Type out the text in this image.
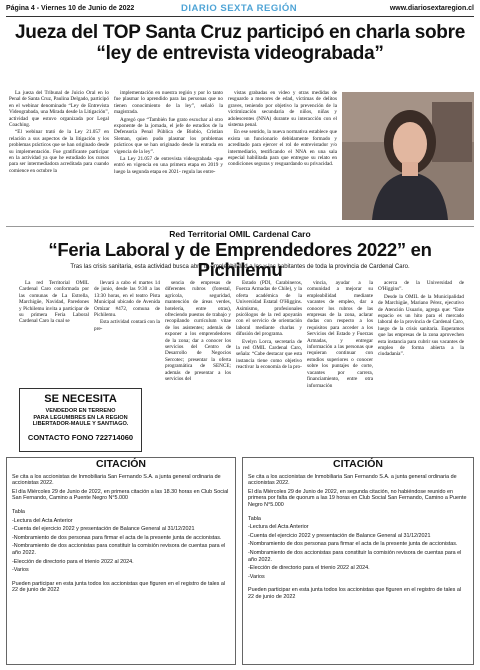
Página 4 - Viernes 10 de Junio de 2022	DIARIO SEXTA REGIÓN	www.diariosextaregion.cl
Jueza del TOP Santa Cruz participó en charla sobre “ley de entrevista videograbada”

La jueza del Tribunal de Juicio Oral en lo Penal de Santa Cruz, Paulina Delgado, participó en el webinar denominado “Ley de Entrevista Videograbada, una Mirada desde la Litigación”, actividad que estuvo organizada por Legal Coaching.

“El webinar trató de la Ley 21.057 en relación a sus aspectos de la litigación y los problemas prácticos que se han originado desde su implementación. Fue gratificante participar en la actividad ya que he estudiado los cursos para ser intermediadora acreditada para cuando comience en octubre la

implementación en nuestra región y por lo tanto fue plasmar lo aprendido para las personas que no tienen conocimiento de la ley”, señaló la magistrada.

Agregó que “También fue grato escuchar al otro exponente de la jornada, el jefe de estudios de la Defensoría Penal Pública de Biobío, Cristian Sleman, quien pudo plasmar los problemas prácticos que se han originado desde la entrada en vigencia de la ley”.

La Ley 21.057 de entrevista videograbada -que entró en vigencia en una primera etapa en 2019 y luego la segunda etapa en 2021- regula las entre-

vistas grabadas en video y otras medidas de resguardo a menores de edad, víctimas de delitos graves, teniendo por objetivo la prevención de la victimización secundaria de niños, niñas y adolescentes (NNA) durante su interacción con el sistema penal.

En ese sentido, la nueva normativa establece que exista un funcionario debidamente formado y acreditado para ejercer el rol de entrevistador y/o intermediario, testificando el NNA en una sala especial habilitada para que entregue su relato en condiciones seguras y resguardando su privacidad.

Red Territorial OMIL Cardenal Caro
“Feria Laboral y de Emprendedores 2022” en Pichilemu
Tras las crisis sanitaria, esta actividad busca abrir la empleabilidad a los y las habitantes de toda la provincia de Cardenal Caro.

La red Territorial OMIL Cardenal Caro conformada por las comunas de La Estrella, Marchigüe, Navidad, Paredones y Pichilemu invita a participar de su primera Feria Laboral Cardenal Caro la cual se

llevará a cabo el martes 14 de junio, desde las 9:30 a las 13:30 horas, en el teatro Pista Municipal ubicado de Avenida Ortúzar #472, comuna de Pichilemu.

Esta actividad contará con la pre-

sencia de empresas de diferentes rubros (forestal, agrícola, seguridad, mantención de áreas verdes, hotelería, entre otras), ofreciendo puestos de trabajo y recopilando currículum vitae de los asistentes; además de exponer a los emprendedores de la zona; dar a conocer los servicios del Centro de Desarrollo de Negocios Sercotec; presentar la oferta programática de SENCE; además de presentar a los servicios del

Estado (PDI, Carabineros, Fuerza Armadas de Chile), y la oferta académica de la Universidad Estatal O'Higgins. Asimismo, profesionales psicólogos de la red apoyarán con el servicio de orientación laboral mediante charlas y difusión del programa.

Evelyn Lorca, secretaria de la red OMIL Cardenal Caro, señala: “Cabe destacar que esta instancia tiene como objetivo reactivar la economía de la pro-

vincia, ayudar a la comunidad a mejorar su empleabilidad mediante vacantes de empleo, dar a conocer los rubros de las empresas de la zona, aclarar dudas con respecto a los requisitos para acceder a los Servicios del Estado y Fuerzas Armadas, y entregar información a las personas que requieran continuar con estudios superiores o conocer sobre los puntajes de corte, vacantes por carrera, financiamiento, entre otra información

acerca de la Universidad de O'Higgins”.

Desde la OMIL de la Municipalidad de Marchigüe, Mariano Pérez, ejecutivo de Atención Usuario, agrega que: “Este espacio es un hito para el mercado laboral de la provincia de Cardenal Caro, luego de la crisis sanitaria. Esperamos que las empresas de la zona aprovechen esta instancia para cubrir sus vacantes de empleo de forma abierta a la ciudadanía”.

SE NECESITA
VENDEDOR EN TERRENO
PARA LEGUMBRES EN LA REGION
LIBERTADOR-MAULE Y SANTIAGO.
CONTACTO FONO 722714060
CITACIÓN

Se cita a los accionistas de Inmobiliaria San Fernando S.A. a junta general ordinaria de accionistas 2022.

El día Miércoles 29 de Junio de 2022, en primera citación a las 18.30 horas en Club Social San Fernando, Camino a Puente Negro N°5.000

Tabla

-Lectura del Acta Anterior

-Cuenta del ejercicio 2022 y presentación de Balance General al 31/12/2021

-Nombramiento de dos personas para firmar el acta de la presente junta de accionistas.

-Nombramiento de dos accionistas para constituir la comisión revisora de cuentas para el año 2022.

-Elección de directorio para el trienio 2022 al 2024.

-Varios

Pueden participar en esta junta todos los accionistas que figuren en el registro de tales al 22 de junio de 2022

CITACIÓN

Se cita a los accionistas de Inmobiliaria San Fernando S.A. a junta general ordinaria de accionistas 2022.

El día Miércoles 29 de Junio de 2022, en segunda citación, no habiéndose reunido en primera por falta de quorum a las 19 horas en Club Social San Fernando, Camino a Puente Negro N°5.000

Tabla

-Lectura del Acta Anterior

-Cuenta del ejercicio 2022 y presentación de Balance General al 31/12/2021

-Nombramiento de dos personas para firmar el acta de la presente junta de accionistas.

-Nombramiento de dos accionistas para constituir la comisión revisora de cuentas para el año 2022.

-Elección de directorio para el trienio 2022 al 2024.

-Varios

Pueden participar en esta junta todos los accionistas que figuren en el registro de tales al 22 de junio de 2022
